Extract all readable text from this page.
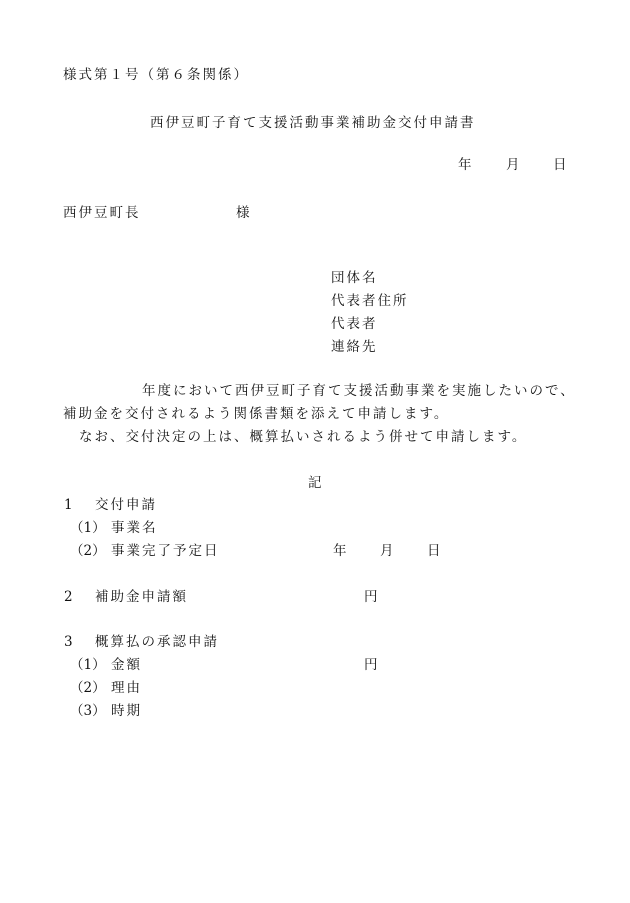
様式第１号（第６条関係）
西伊豆町子育て支援活動事業補助金交付申請書
年 月 日
西伊豆町長	様
団体名
代表者住所
代表者
連絡先
年度において西伊豆町子育て支援活動事業を実施したいので、
補助金を交付されるよう関係書類を添えて申請します。
なお、交付決定の上は、概算払いされるよう併せて申請します。
記
1 交付申請
（1） 事業名
（2） 事業完了予定日	年 月 日
2 補助金申請額	円
3 概算払の承認申請
（1） 金額	円
（2） 理由
（3） 時期
